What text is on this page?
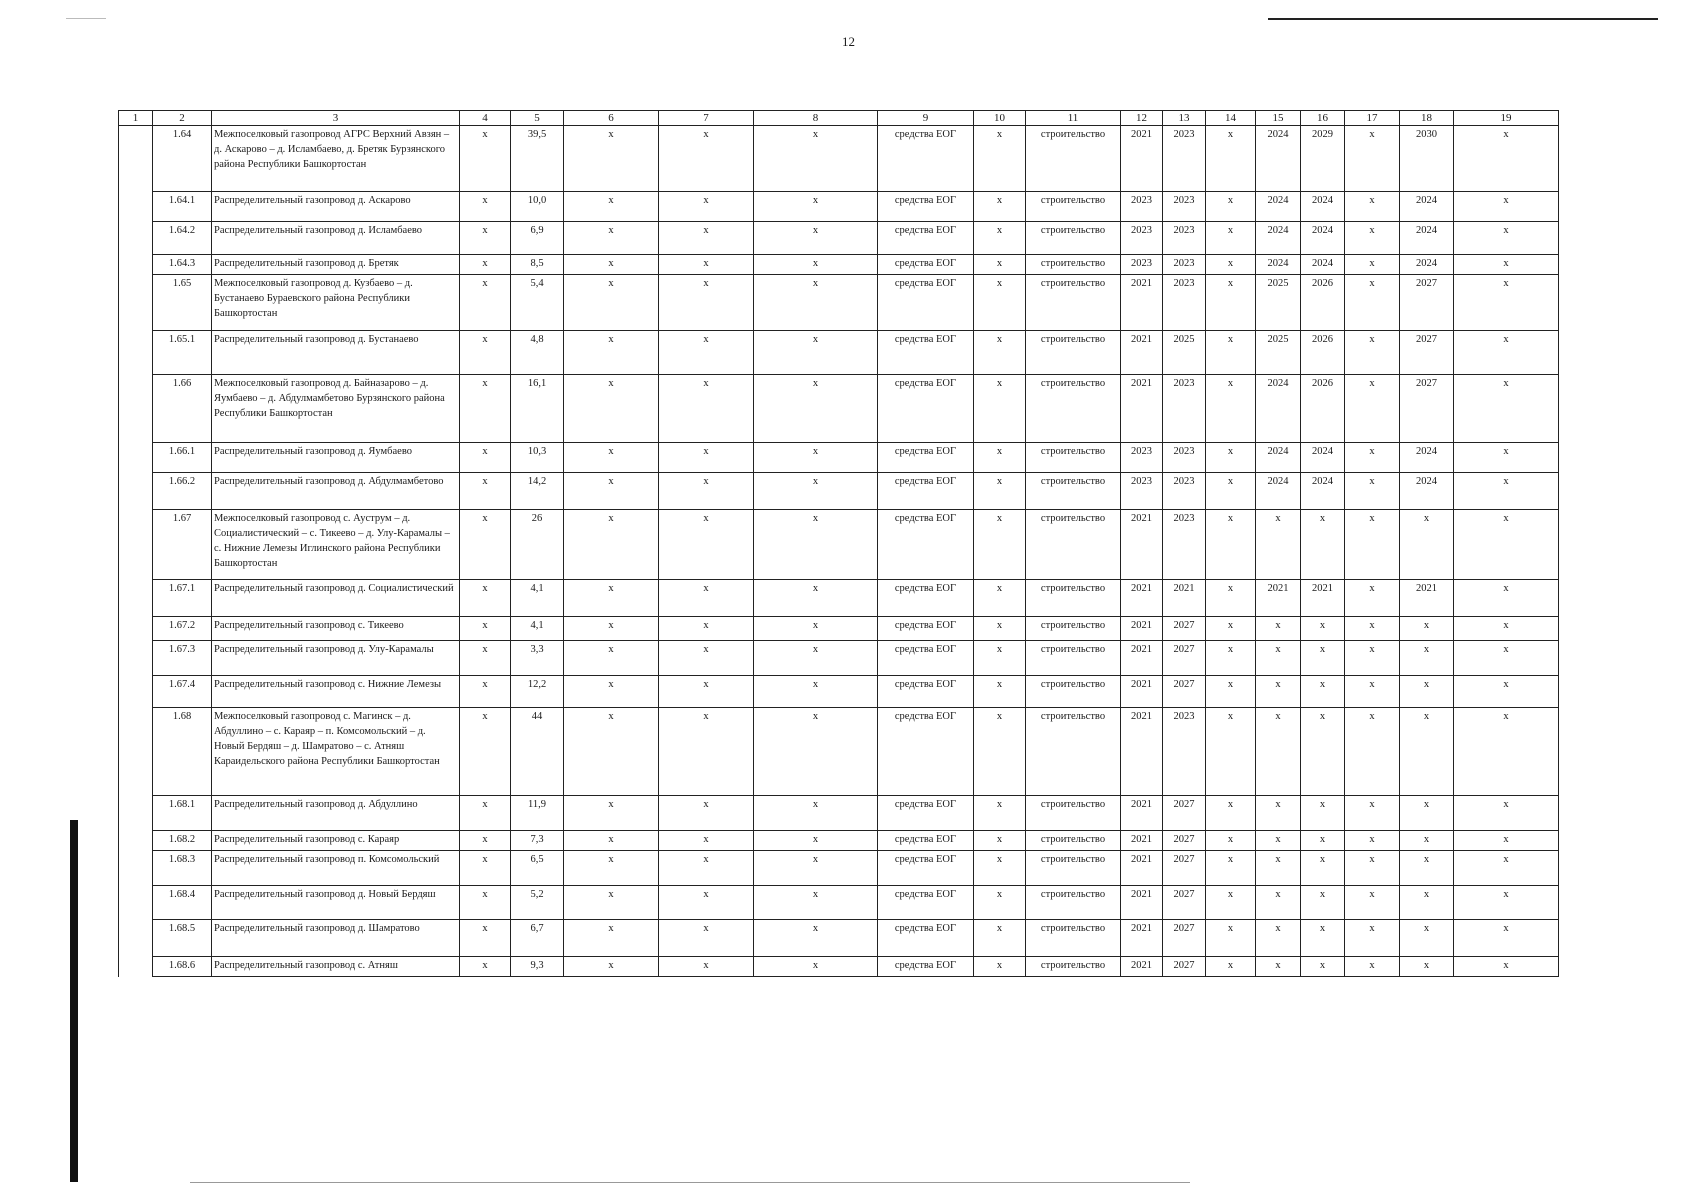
12
1	2	3	4	5	6	7	8	9	10	11	12	13	14	15	16	17	18	19
	1.64	Межпоселковый газопровод АГРС Верхний Авзян – д. Аскарово – д. Исламбаево, д. Бретяк Бурзянского района Республики Башкортостан	x	39,5	x	x	x	средства ЕОГ	x	строительство	2021	2023	x	2024	2029	x	2030	x
	1.64.1	Распределительный газопровод д. Аскарово	x	10,0	x	x	x	средства ЕОГ	x	строительство	2023	2023	x	2024	2024	x	2024	x
	1.64.2	Распределительный газопровод д. Исламбаево	x	6,9	x	x	x	средства ЕОГ	x	строительство	2023	2023	x	2024	2024	x	2024	x
	1.64.3	Распределительный газопровод д. Бретяк	x	8,5	x	x	x	средства ЕОГ	x	строительство	2023	2023	x	2024	2024	x	2024	x
	1.65	Межпоселковый газопровод д. Кузбаево – д. Бустанаево Бураевского района Республики Башкортостан	x	5,4	x	x	x	средства ЕОГ	x	строительство	2021	2023	x	2025	2026	x	2027	x
	1.65.1	Распределительный газопровод д. Бустанаево	x	4,8	x	x	x	средства ЕОГ	x	строительство	2021	2025	x	2025	2026	x	2027	x
	1.66	Межпоселковый газопровод д. Байназарово – д. Яумбаево – д. Абдулмамбетово Бурзянского района Республики Башкортостан	x	16,1	x	x	x	средства ЕОГ	x	строительство	2021	2023	x	2024	2026	x	2027	x
	1.66.1	Распределительный газопровод д. Яумбаево	x	10,3	x	x	x	средства ЕОГ	x	строительство	2023	2023	x	2024	2024	x	2024	x
	1.66.2	Распределительный газопровод д. Абдулмамбетово	x	14,2	x	x	x	средства ЕОГ	x	строительство	2023	2023	x	2024	2024	x	2024	x
	1.67	Межпоселковый газопровод с. Ауструм – д. Социалистический – с. Тикеево – д. Улу-Карамалы – с. Нижние Лемезы Иглинского района Республики Башкортостан	x	26	x	x	x	средства ЕОГ	x	строительство	2021	2023	x	x	x	x	x	x
	1.67.1	Распределительный газопровод д. Социалистический	x	4,1	x	x	x	средства ЕОГ	x	строительство	2021	2021	x	2021	2021	x	2021	x
	1.67.2	Распределительный газопровод с. Тикеево	x	4,1	x	x	x	средства ЕОГ	x	строительство	2021	2027	x	x	x	x	x	x
	1.67.3	Распределительный газопровод д. Улу-Карамалы	x	3,3	x	x	x	средства ЕОГ	x	строительство	2021	2027	x	x	x	x	x	x
	1.67.4	Распределительный газопровод с. Нижние Лемезы	x	12,2	x	x	x	средства ЕОГ	x	строительство	2021	2027	x	x	x	x	x	x
	1.68	Межпоселковый газопровод с. Магинск – д. Абдуллино – с. Караяр – п. Комсомольский – д. Новый Бердяш – д. Шамратово – с. Атняш Караидельского района Республики Башкортостан	x	44	x	x	x	средства ЕОГ	x	строительство	2021	2023	x	x	x	x	x	x
	1.68.1	Распределительный газопровод д. Абдуллино	x	11,9	x	x	x	средства ЕОГ	x	строительство	2021	2027	x	x	x	x	x	x
	1.68.2	Распределительный газопровод с. Караяр	x	7,3	x	x	x	средства ЕОГ	x	строительство	2021	2027	x	x	x	x	x	x
	1.68.3	Распределительный газопровод п. Комсомольский	x	6,5	x	x	x	средства ЕОГ	x	строительство	2021	2027	x	x	x	x	x	x
	1.68.4	Распределительный газопровод д. Новый Бердяш	x	5,2	x	x	x	средства ЕОГ	x	строительство	2021	2027	x	x	x	x	x	x
	1.68.5	Распределительный газопровод д. Шамратово	x	6,7	x	x	x	средства ЕОГ	x	строительство	2021	2027	x	x	x	x	x	x
	1.68.6	Распределительный газопровод с. Атняш	x	9,3	x	x	x	средства ЕОГ	x	строительство	2021	2027	x	x	x	x	x	x
